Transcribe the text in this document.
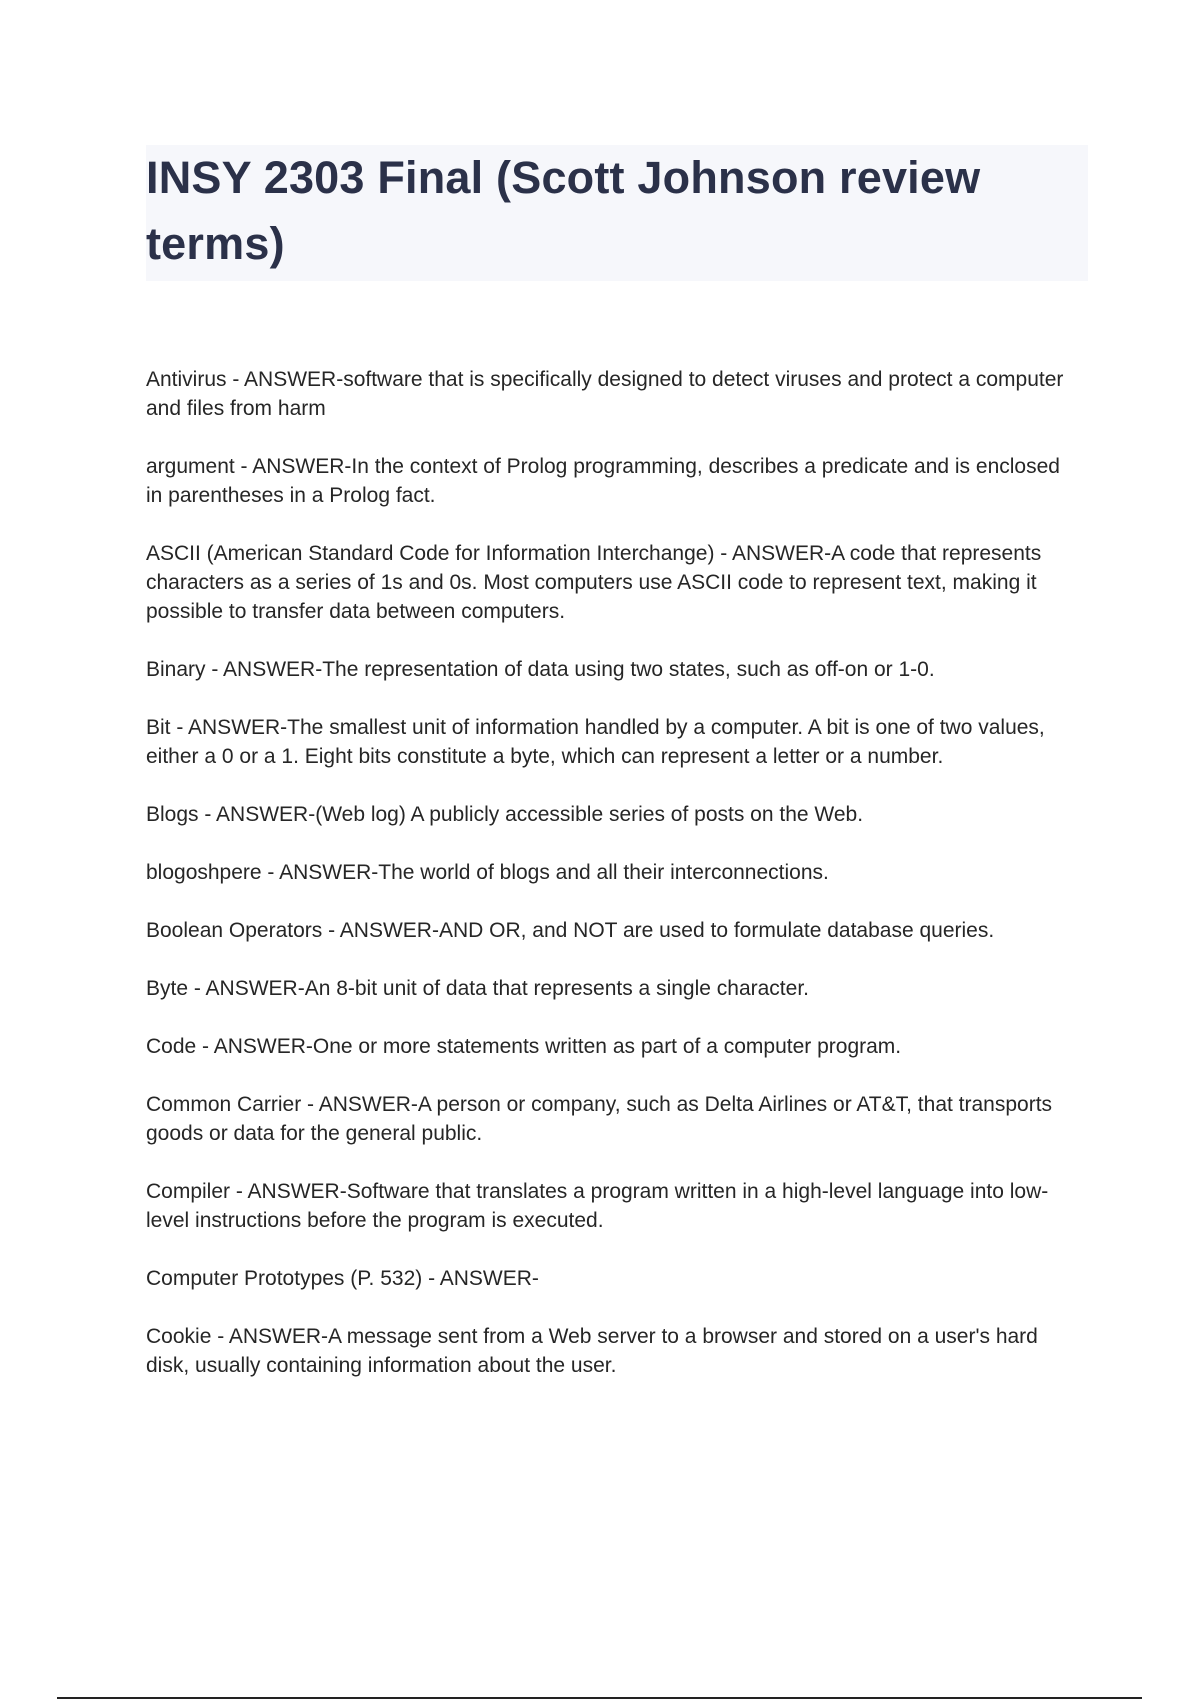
INSY 2303 Final (Scott Johnson review terms)

Antivirus - ANSWER-software that is specifically designed to detect viruses and protect a computer and files from harm

argument - ANSWER-In the context of Prolog programming, describes a predicate and is enclosed in parentheses in a Prolog fact.

ASCII (American Standard Code for Information Interchange) - ANSWER-A code that represents characters as a series of 1s and 0s. Most computers use ASCII code to represent text, making it possible to transfer data between computers.

Binary - ANSWER-The representation of data using two states, such as off-on or 1-0.

Bit - ANSWER-The smallest unit of information handled by a computer. A bit is one of two values, either a 0 or a 1. Eight bits constitute a byte, which can represent a letter or a number.

Blogs - ANSWER-(Web log) A publicly accessible series of posts on the Web.

blogoshpere - ANSWER-The world of blogs and all their interconnections.

Boolean Operators - ANSWER-AND OR, and NOT are used to formulate database queries.

Byte - ANSWER-An 8-bit unit of data that represents a single character.

Code - ANSWER-One or more statements written as part of a computer program.

Common Carrier - ANSWER-A person or company, such as Delta Airlines or AT&T, that transports goods or data for the general public.

Compiler - ANSWER-Software that translates a program written in a high-level language into low-level instructions before the program is executed.

Computer Prototypes (P. 532) - ANSWER-

Cookie - ANSWER-A message sent from a Web server to a browser and stored on a user's hard disk, usually containing information about the user.
